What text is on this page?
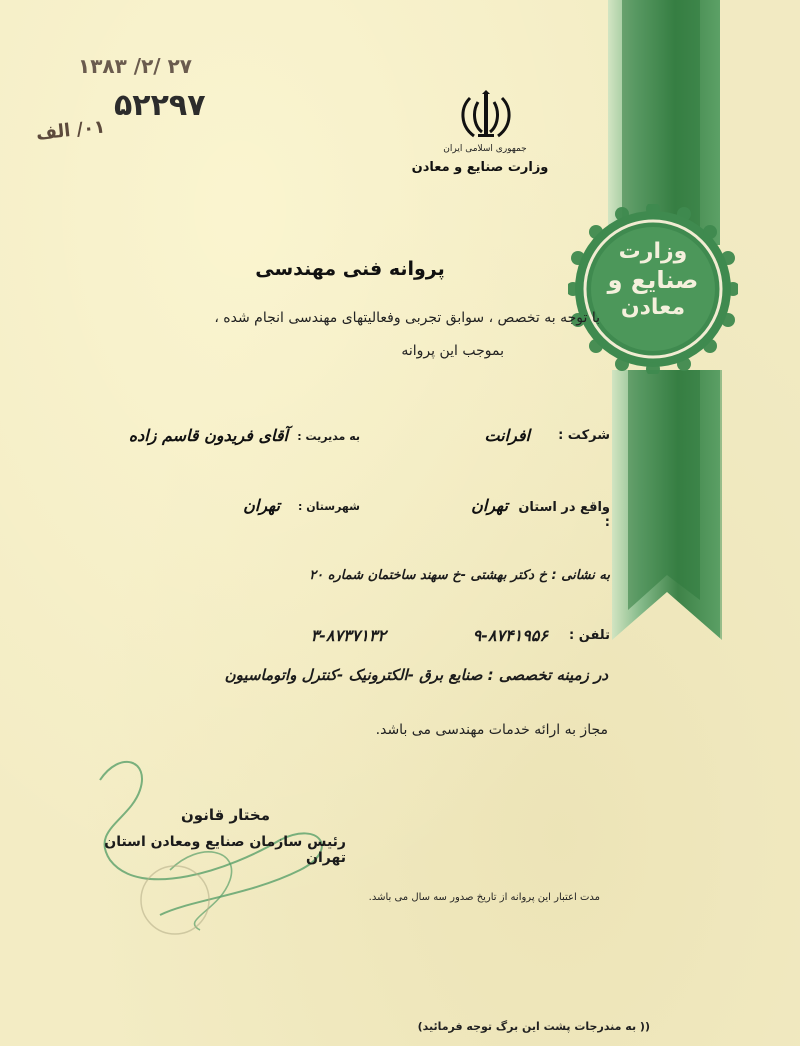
۱۳۸۳ /۲/ ۲۷
۵۲۲۹۷
۰۱/ الف
جمهوری اسلامی ایران
وزارت صنایع و معادن
وزارت
صنایع و
معادن
پروانه فنی مهندسی
با توجه به تخصص ، سوابق تجربی وفعالیتهای مهندسی انجام شده ،
بموجب این پروانه
شرکت :
افرانت
به مدیریت :
آقای فریدون قاسم زاده
واقع در استان :
تهران
شهرستان :
تهران
به نشانی : خ دکتر بهشتی -خ سهند ساختمان شماره ۲۰
تلفن :
۹-۸۷۴۱۹۵۶
۳-۸۷۳۷۱۳۲
در زمینه تخصصی : صنایع برق -الکترونیک -کنترل واتوماسیون
مجاز به ارائه خدمات مهندسی می باشد.
مختار قانون
رئیس سازمان صنایع ومعادن استان تهران
مدت اعتبار این پروانه از تاریخ صدور سه سال می باشد.
(( به مندرجات پشت این برگ توجه فرمائید)
